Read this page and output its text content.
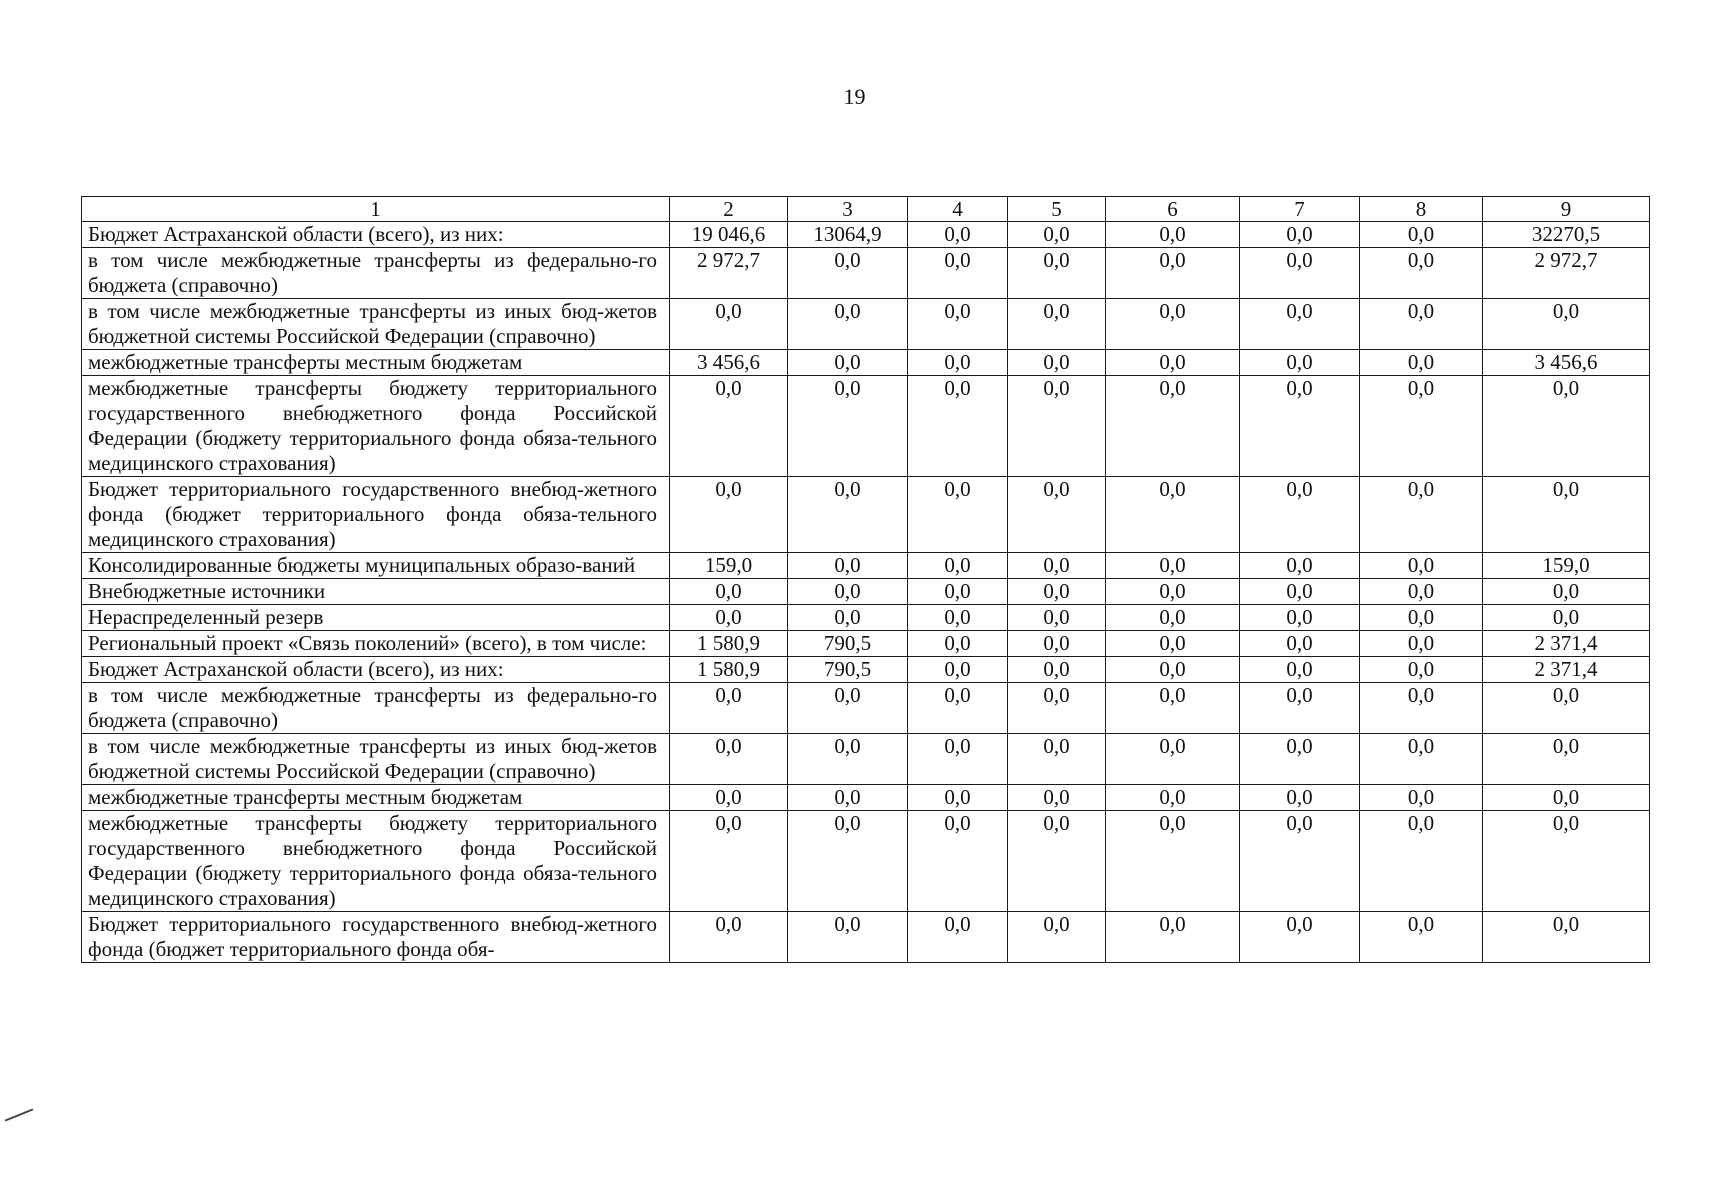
19
1	2	3	4	5	6	7	8	9
Бюджет Астраханской области (всего), из них:	19 046,6	13064,9	0,0	0,0	0,0	0,0	0,0	32270,5
в том числе межбюджетные трансферты из федерально-го бюджета (справочно)	2 972,7	0,0	0,0	0,0	0,0	0,0	0,0	2 972,7
в том числе межбюджетные трансферты из иных бюд-жетов бюджетной системы Российской Федерации (справочно)	0,0	0,0	0,0	0,0	0,0	0,0	0,0	0,0
межбюджетные трансферты местным бюджетам	3 456,6	0,0	0,0	0,0	0,0	0,0	0,0	3 456,6
межбюджетные трансферты бюджету территориального государственного внебюджетного фонда Российской Федерации (бюджету территориального фонда обяза-тельного медицинского страхования)	0,0	0,0	0,0	0,0	0,0	0,0	0,0	0,0
Бюджет территориального государственного внебюд-жетного фонда (бюджет территориального фонда обяза-тельного медицинского страхования)	0,0	0,0	0,0	0,0	0,0	0,0	0,0	0,0
Консолидированные бюджеты муниципальных образо-ваний	159,0	0,0	0,0	0,0	0,0	0,0	0,0	159,0
Внебюджетные источники	0,0	0,0	0,0	0,0	0,0	0,0	0,0	0,0
Нераспределенный резерв	0,0	0,0	0,0	0,0	0,0	0,0	0,0	0,0
Региональный проект «Связь поколений» (всего), в том числе:	1 580,9	790,5	0,0	0,0	0,0	0,0	0,0	2 371,4
Бюджет Астраханской области (всего), из них:	1 580,9	790,5	0,0	0,0	0,0	0,0	0,0	2 371,4
в том числе межбюджетные трансферты из федерально-го бюджета (справочно)	0,0	0,0	0,0	0,0	0,0	0,0	0,0	0,0
в том числе межбюджетные трансферты из иных бюд-жетов бюджетной системы Российской Федерации (справочно)	0,0	0,0	0,0	0,0	0,0	0,0	0,0	0,0
межбюджетные трансферты местным бюджетам	0,0	0,0	0,0	0,0	0,0	0,0	0,0	0,0
межбюджетные трансферты бюджету территориального государственного внебюджетного фонда Российской Федерации (бюджету территориального фонда обяза-тельного медицинского страхования)	0,0	0,0	0,0	0,0	0,0	0,0	0,0	0,0
Бюджет территориального государственного внебюд-жетного фонда (бюджет территориального фонда обя-	0,0	0,0	0,0	0,0	0,0	0,0	0,0	0,0
